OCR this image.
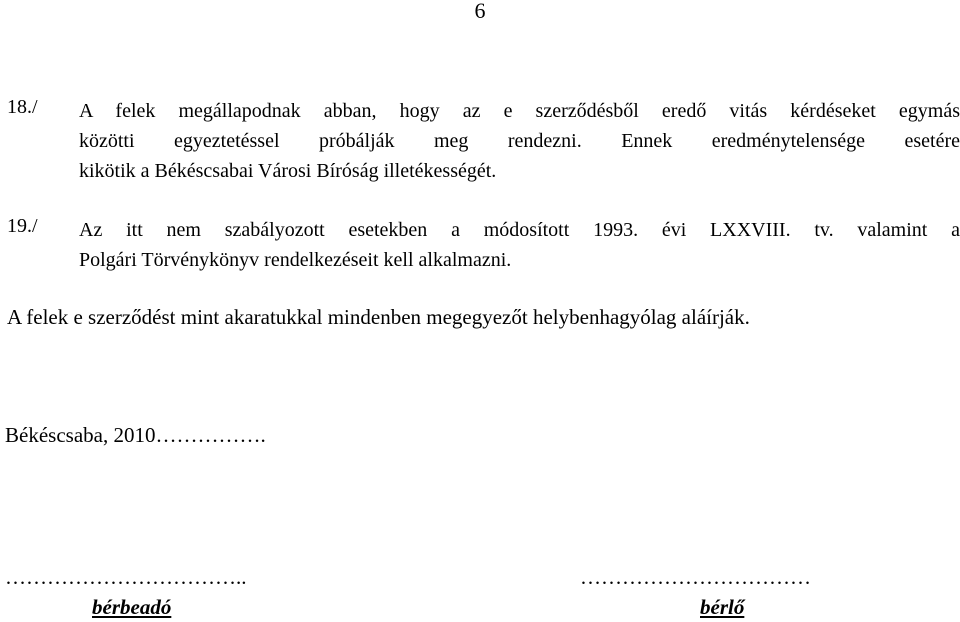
6
18./ A felek megállapodnak abban, hogy az e szerződésből eredő vitás kérdéseket egymás
közötti egyeztetéssel próbálják meg rendezni. Ennek eredménytelensége esetére
kikötik a Békéscsabai Városi Bíróság illetékességét.
19./ Az itt nem szabályozott esetekben a módosított 1993. évi LXXVIII. tv. valamint a
Polgári Törvénykönyv rendelkezéseit kell alkalmazni.
A felek e szerződést mint akaratukkal mindenben megegyezőt helybenhagyólag aláírják.
Békéscsaba, 2010…………….
……………………………..	……………………………
bérbeadó	bérlő
